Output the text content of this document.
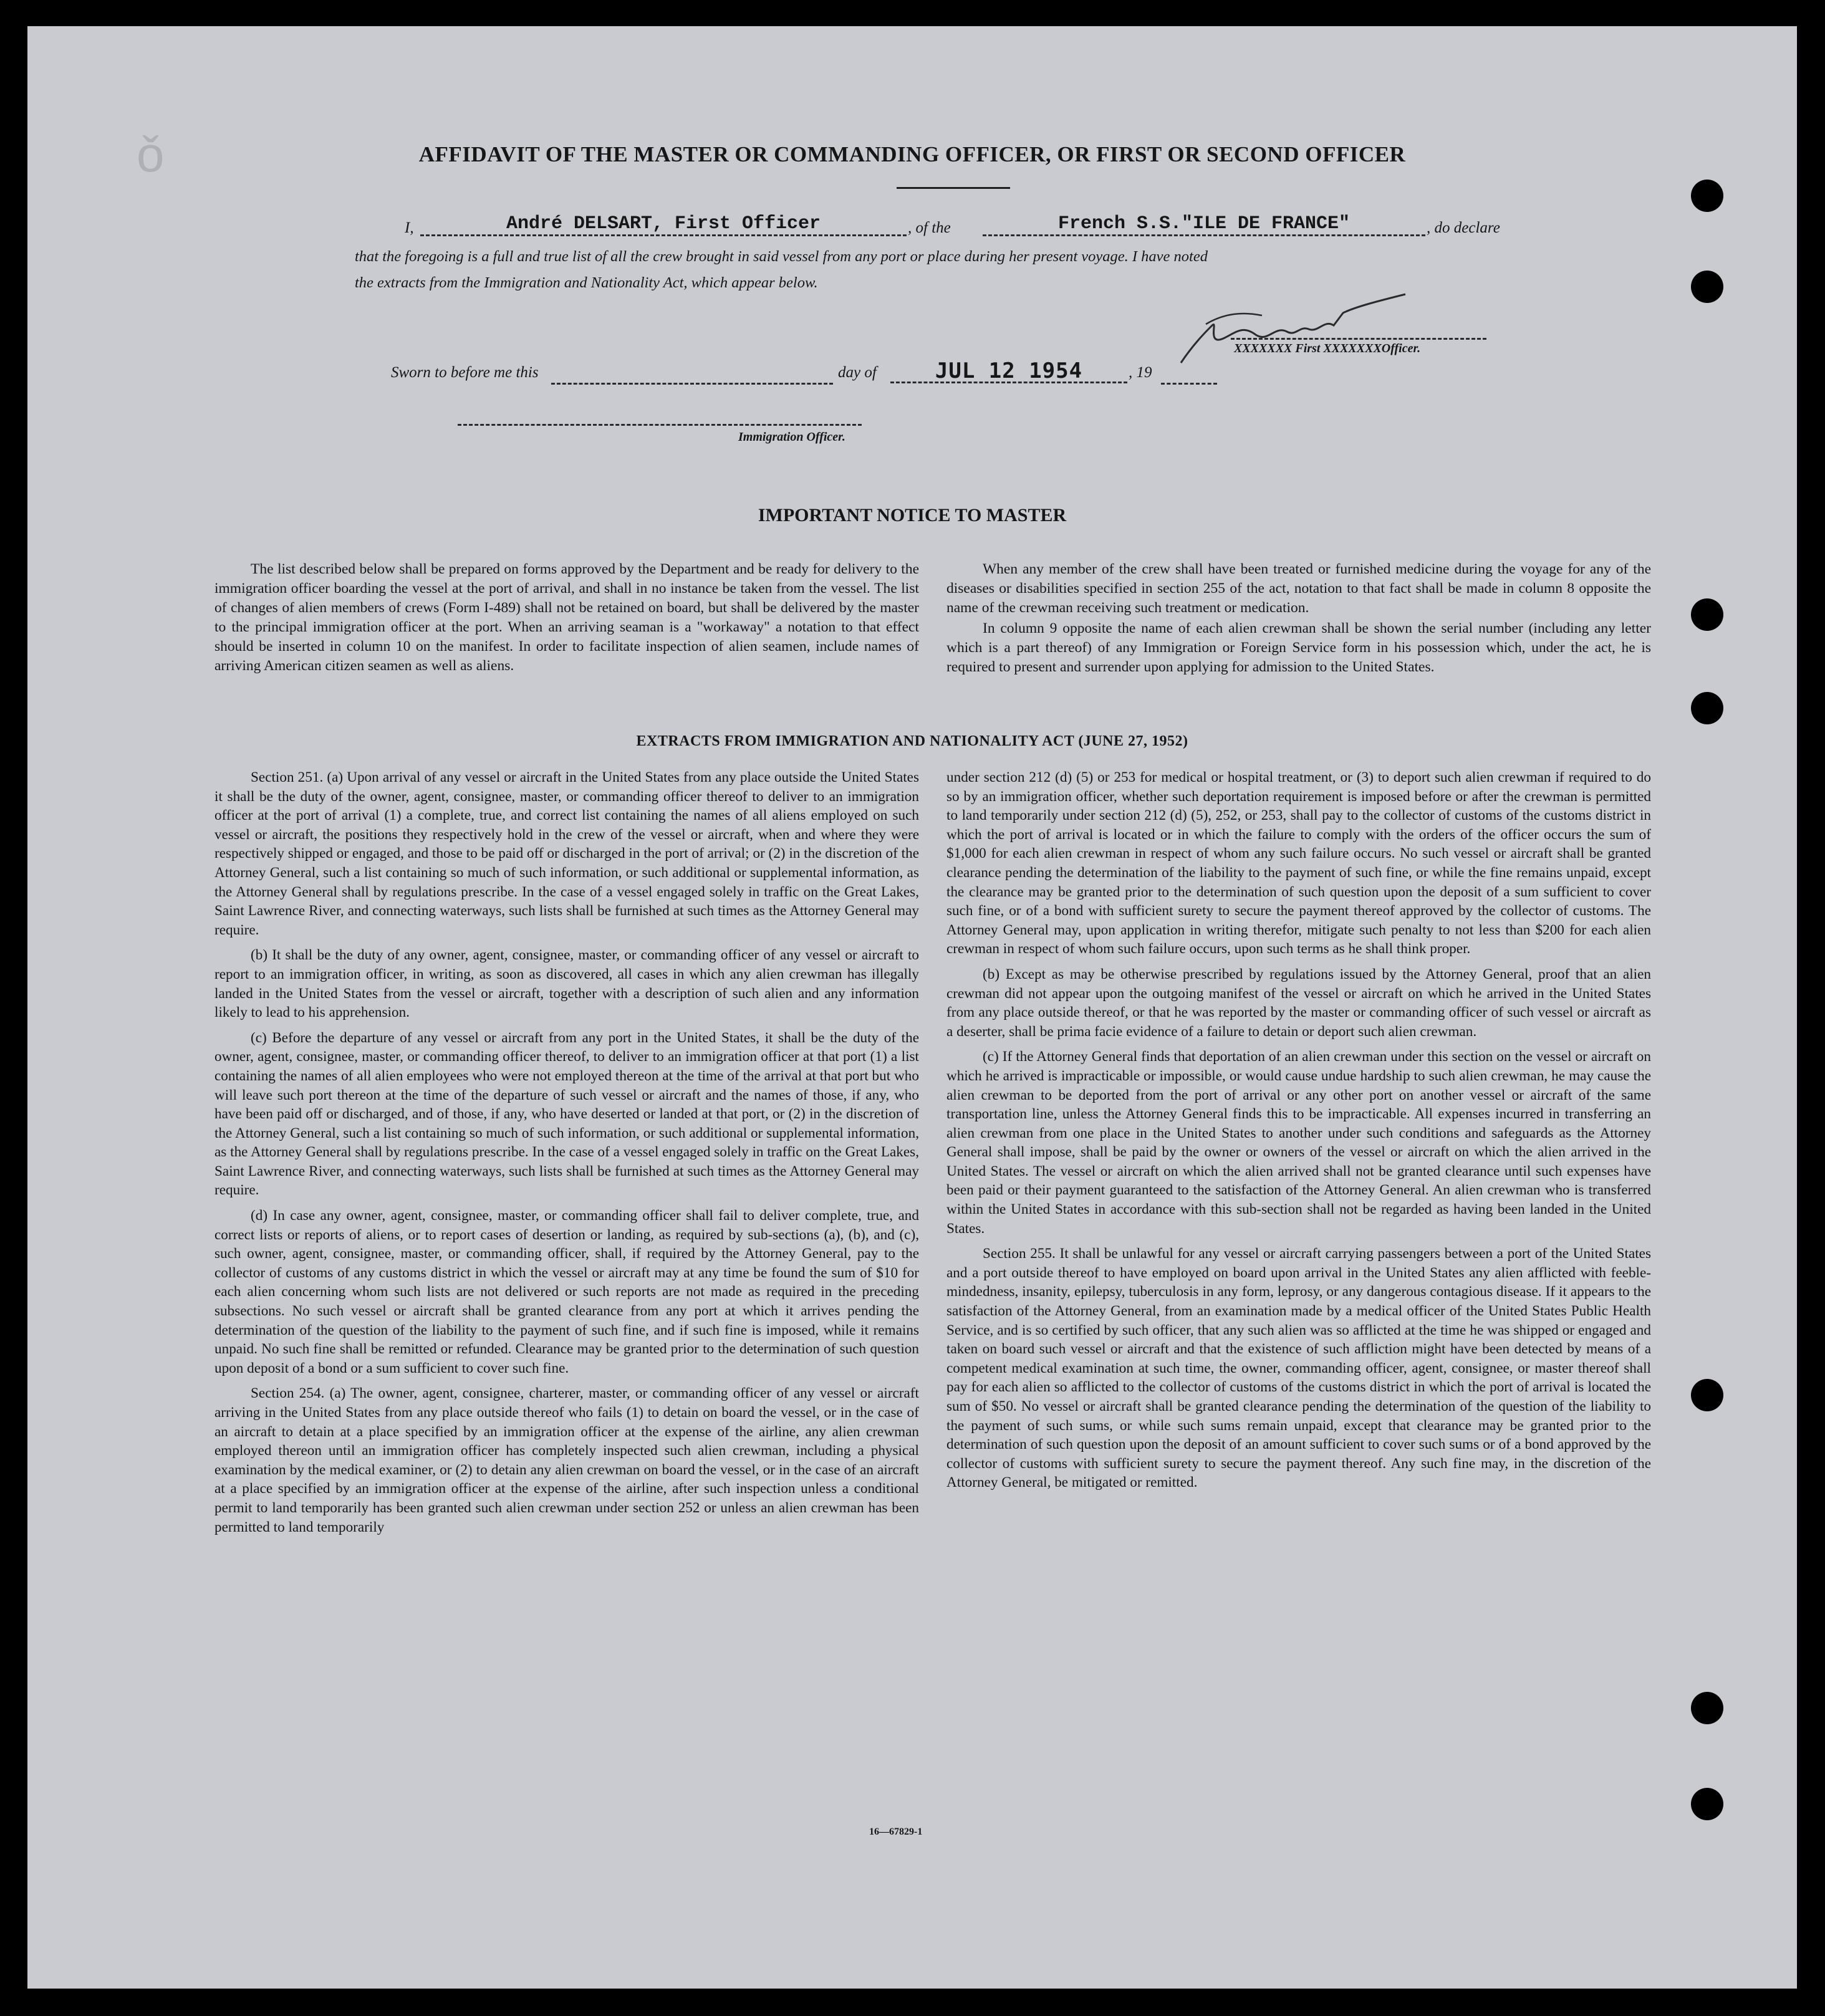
ǒ	AFFIDAVIT OF THE MASTER OR COMMANDING OFFICER, OR FIRST OR SECOND OFFICER
I,	André DELSART, First Officer	, of the	French S.S."ILE DE FRANCE"	, do declare
that the foregoing is a full and true list of all the crew brought in said vessel from any port or place during her present voyage. I have noted
the extracts from the Immigration and Nationality Act, which appear below.
XXXXXXX First XXXXXXXOfficer.
Sworn to before me this	day of	JUL 12 1954	, 19
Immigration Officer.
IMPORTANT NOTICE TO MASTER

The list described below shall be prepared on forms approved by the Department and be ready for delivery to the immigration officer boarding the vessel at the port of arrival, and shall in no instance be taken from the vessel. The list of changes of alien members of crews (Form I-489) shall not be retained on board, but shall be delivered by the master to the principal immigration officer at the port. When an arriving seaman is a "workaway" a notation to that effect should be inserted in column 10 on the manifest. In order to facilitate inspection of alien seamen, include names of arriving American citizen seamen as well as aliens.

When any member of the crew shall have been treated or furnished medicine during the voyage for any of the diseases or disabilities specified in section 255 of the act, notation to that fact shall be made in column 8 opposite the name of the crewman receiving such treatment or medication.

In column 9 opposite the name of each alien crewman shall be shown the serial number (including any letter which is a part thereof) of any Immigration or Foreign Service form in his possession which, under the act, he is required to present and surrender upon applying for admission to the United States.

EXTRACTS FROM IMMIGRATION AND NATIONALITY ACT (JUNE 27, 1952)

Section 251. (a) Upon arrival of any vessel or aircraft in the United States from any place outside the United States it shall be the duty of the owner, agent, consignee, master, or commanding officer thereof to deliver to an immigration officer at the port of arrival (1) a complete, true, and correct list containing the names of all aliens employed on such vessel or aircraft, the positions they respectively hold in the crew of the vessel or aircraft, when and where they were respectively shipped or engaged, and those to be paid off or discharged in the port of arrival; or (2) in the discretion of the Attorney General, such a list containing so much of such information, or such additional or supplemental information, as the Attorney General shall by regulations prescribe. In the case of a vessel engaged solely in traffic on the Great Lakes, Saint Lawrence River, and connecting waterways, such lists shall be furnished at such times as the Attorney General may require.

(b) It shall be the duty of any owner, agent, consignee, master, or commanding officer of any vessel or aircraft to report to an immigration officer, in writing, as soon as discovered, all cases in which any alien crewman has illegally landed in the United States from the vessel or aircraft, together with a description of such alien and any information likely to lead to his apprehension.

(c) Before the departure of any vessel or aircraft from any port in the United States, it shall be the duty of the owner, agent, consignee, master, or commanding officer thereof, to deliver to an immigration officer at that port (1) a list containing the names of all alien employees who were not employed thereon at the time of the arrival at that port but who will leave such port thereon at the time of the departure of such vessel or aircraft and the names of those, if any, who have been paid off or discharged, and of those, if any, who have deserted or landed at that port, or (2) in the discretion of the Attorney General, such a list containing so much of such information, or such additional or supplemental information, as the Attorney General shall by regulations prescribe. In the case of a vessel engaged solely in traffic on the Great Lakes, Saint Lawrence River, and connecting waterways, such lists shall be furnished at such times as the Attorney General may require.

(d) In case any owner, agent, consignee, master, or commanding officer shall fail to deliver complete, true, and correct lists or reports of aliens, or to report cases of desertion or landing, as required by sub-sections (a), (b), and (c), such owner, agent, consignee, master, or commanding officer, shall, if required by the Attorney General, pay to the collector of customs of any customs district in which the vessel or aircraft may at any time be found the sum of $10 for each alien concerning whom such lists are not delivered or such reports are not made as required in the preceding subsections. No such vessel or aircraft shall be granted clearance from any port at which it arrives pending the determination of the question of the liability to the payment of such fine, and if such fine is imposed, while it remains unpaid. No such fine shall be remitted or refunded. Clearance may be granted prior to the determination of such question upon deposit of a bond or a sum sufficient to cover such fine.

Section 254. (a) The owner, agent, consignee, charterer, master, or commanding officer of any vessel or aircraft arriving in the United States from any place outside thereof who fails (1) to detain on board the vessel, or in the case of an aircraft to detain at a place specified by an immigration officer at the expense of the airline, any alien crewman employed thereon until an immigration officer has completely inspected such alien crewman, including a physical examination by the medical examiner, or (2) to detain any alien crewman on board the vessel, or in the case of an aircraft at a place specified by an immigration officer at the expense of the airline, after such inspection unless a conditional permit to land temporarily has been granted such alien crewman under section 252 or unless an alien crewman has been permitted to land temporarily

under section 212 (d) (5) or 253 for medical or hospital treatment, or (3) to deport such alien crewman if required to do so by an immigration officer, whether such deportation requirement is imposed before or after the crewman is permitted to land temporarily under section 212 (d) (5), 252, or 253, shall pay to the collector of customs of the customs district in which the port of arrival is located or in which the failure to comply with the orders of the officer occurs the sum of $1,000 for each alien crewman in respect of whom any such failure occurs. No such vessel or aircraft shall be granted clearance pending the determination of the liability to the payment of such fine, or while the fine remains unpaid, except the clearance may be granted prior to the determination of such question upon the deposit of a sum sufficient to cover such fine, or of a bond with sufficient surety to secure the payment thereof approved by the collector of customs. The Attorney General may, upon application in writing therefor, mitigate such penalty to not less than $200 for each alien crewman in respect of whom such failure occurs, upon such terms as he shall think proper.

(b) Except as may be otherwise prescribed by regulations issued by the Attorney General, proof that an alien crewman did not appear upon the outgoing manifest of the vessel or aircraft on which he arrived in the United States from any place outside thereof, or that he was reported by the master or commanding officer of such vessel or aircraft as a deserter, shall be prima facie evidence of a failure to detain or deport such alien crewman.

(c) If the Attorney General finds that deportation of an alien crewman under this section on the vessel or aircraft on which he arrived is impracticable or impossible, or would cause undue hardship to such alien crewman, he may cause the alien crewman to be deported from the port of arrival or any other port on another vessel or aircraft of the same transportation line, unless the Attorney General finds this to be impracticable. All expenses incurred in transferring an alien crewman from one place in the United States to another under such conditions and safeguards as the Attorney General shall impose, shall be paid by the owner or owners of the vessel or aircraft on which the alien arrived in the United States. The vessel or aircraft on which the alien arrived shall not be granted clearance until such expenses have been paid or their payment guaranteed to the satisfaction of the Attorney General. An alien crewman who is transferred within the United States in accordance with this sub-section shall not be regarded as having been landed in the United States.

Section 255. It shall be unlawful for any vessel or aircraft carrying passengers between a port of the United States and a port outside thereof to have employed on board upon arrival in the United States any alien afflicted with feeble-mindedness, insanity, epilepsy, tuberculosis in any form, leprosy, or any dangerous contagious disease. If it appears to the satisfaction of the Attorney General, from an examination made by a medical officer of the United States Public Health Service, and is so certified by such officer, that any such alien was so afflicted at the time he was shipped or engaged and taken on board such vessel or aircraft and that the existence of such affliction might have been detected by means of a competent medical examination at such time, the owner, commanding officer, agent, consignee, or master thereof shall pay for each alien so afflicted to the collector of customs of the customs district in which the port of arrival is located the sum of $50. No vessel or aircraft shall be granted clearance pending the determination of the question of the liability to the payment of such sums, or while such sums remain unpaid, except that clearance may be granted prior to the determination of such question upon the deposit of an amount sufficient to cover such sums or of a bond approved by the collector of customs with sufficient surety to secure the payment thereof. Any such fine may, in the discretion of the Attorney General, be mitigated or remitted.

16—67829-1
